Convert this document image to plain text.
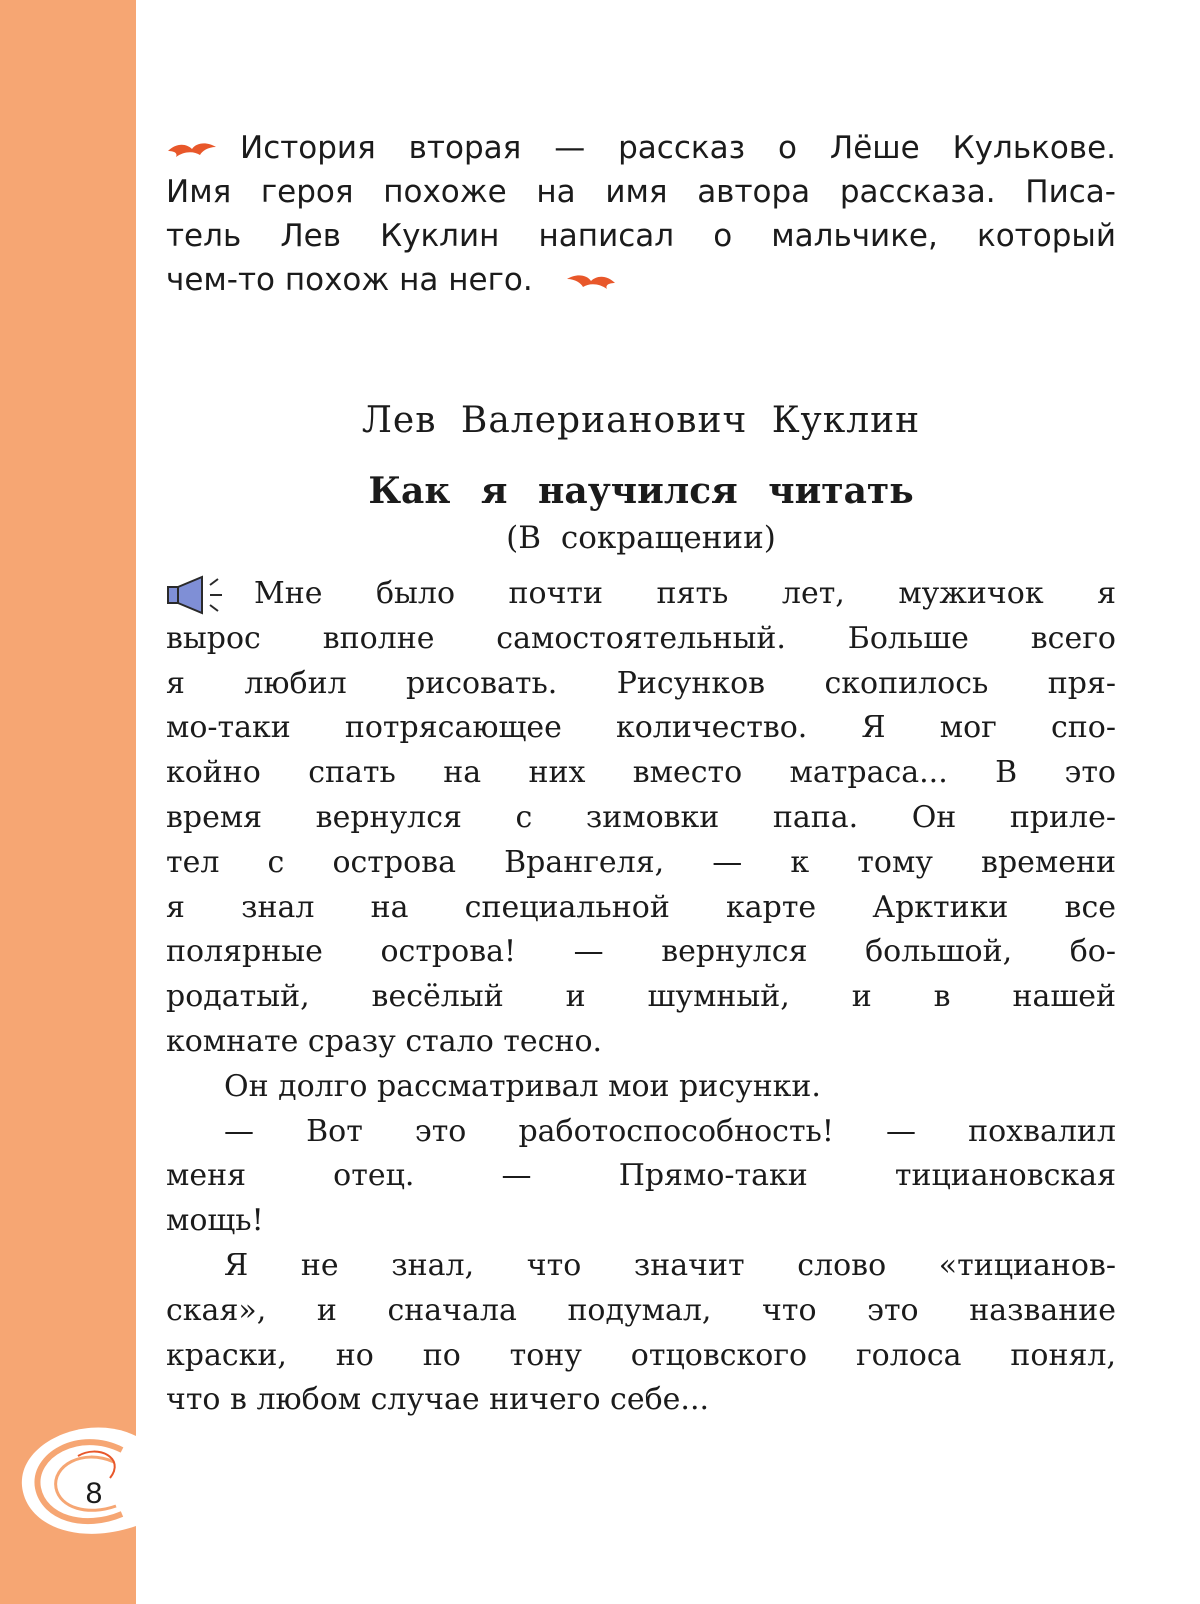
8
История вторая — рассказ о Лёше Кулькове.
Имя героя похоже на имя автора рассказа. Писа-
тель Лев Куклин написал о мальчике, который
чем-то похож на него.
Лев Валерианович Куклин
Как я научился читать
(В сокращении)
Мне было почти пять лет, мужичок я
вырос вполне самостоятельный. Больше всего
я любил рисовать. Рисунков скопилось пря-
мо-таки потрясающее количество. Я мог спо-
койно спать на них вместо матраса... В это
время вернулся с зимовки папа. Он приле-
тел с острова Врангеля, — к тому времени
я знал на специальной карте Арктики все
полярные острова! — вернулся большой, бо-
родатый, весёлый и шумный, и в нашей
комнате сразу стало тесно.
Он долго рассматривал мои рисунки.
— Вот это работоспособность! — похвалил
меня отец. — Прямо-таки тициановская
мощь!
Я не знал, что значит слово «тицианов-
ская», и сначала подумал, что это название
краски, но по тону отцовского голоса понял,
что в любом случае ничего себе...
